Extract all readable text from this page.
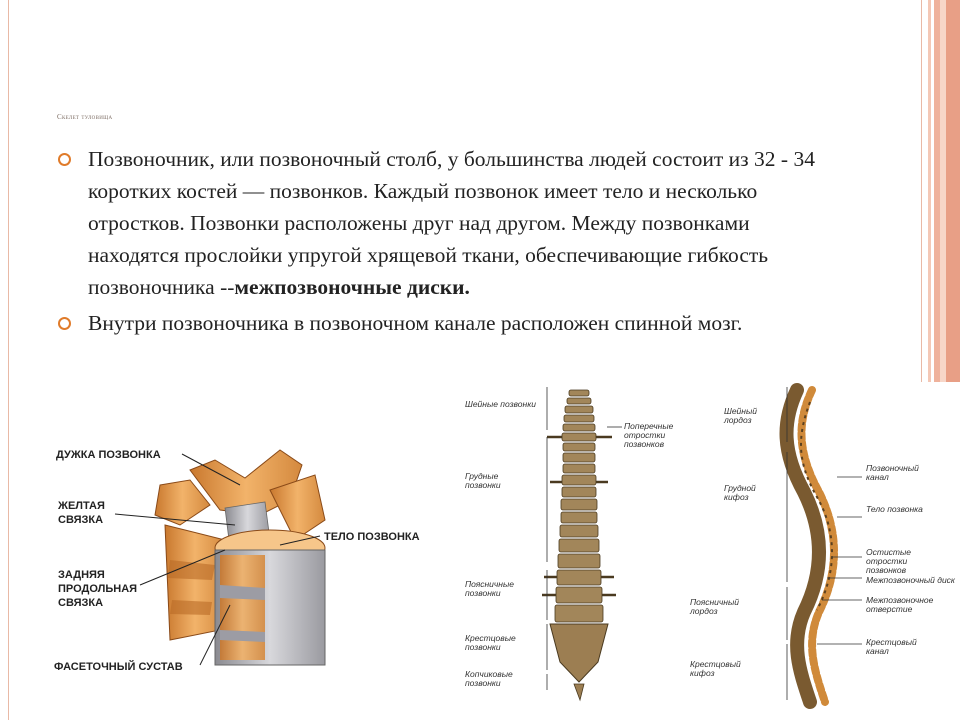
Скелет туловища
Позвоночник, или позвоночный столб, у большинства людей состоит из 32 - 34 коротких костей — позвонков. Каждый позвонок имеет тело и несколько отростков. Позвонки расположены друг над другом. Между позвонками находятся прослойки упругой хрящевой ткани, обеспечивающие гибкость позвоночника --межпозвоночные диски.
Внутри позвоночника в позвоночном канале расположен спинной мозг.
ДУЖКА ПОЗВОНКА
ЖЕЛТАЯ СВЯЗКА
ТЕЛО ПОЗВОНКА
ЗАДНЯЯ ПРОДОЛЬНАЯ СВЯЗКА
ФАСЕТОЧНЫЙ СУСТАВ
Шейные позвонки
Грудные позвонки
Поясничные позвонки
Крестцовые позвонки
Копчиковые позвонки
Поперечные отростки позвонков
Шейный лордоз
Грудной кифоз
Поясничный лордоз
Крестцовый кифоз
Позвоночный канал
Тело позвонка
Остистые отростки позвонков
Межпозвоночный диск
Межпозвоночное отверстие
Крестцовый канал
